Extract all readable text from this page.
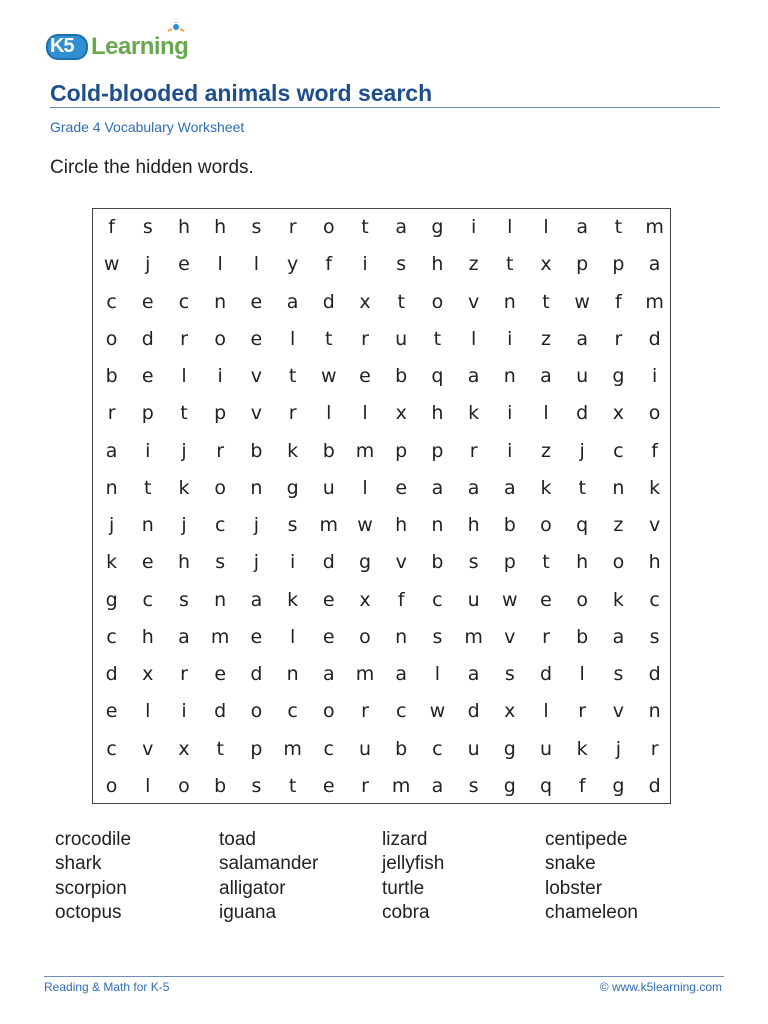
K5 Learning
Cold-blooded animals word search
Grade 4 Vocabulary Worksheet
Circle the hidden words.
f	s	h	h	s	r	o	t	a	g	i	l	l	a	t	m
w	j	e	l	l	y	f	i	s	h	z	t	x	p	p	a
c	e	c	n	e	a	d	x	t	o	v	n	t	w	f	m
o	d	r	o	e	l	t	r	u	t	l	i	z	a	r	d
b	e	l	i	v	t	w	e	b	q	a	n	a	u	g	i
r	p	t	p	v	r	l	l	x	h	k	i	l	d	x	o
a	i	j	r	b	k	b	m	p	p	r	i	z	j	c	f
n	t	k	o	n	g	u	l	e	a	a	a	k	t	n	k
j	n	j	c	j	s	m	w	h	n	h	b	o	q	z	v
k	e	h	s	j	i	d	g	v	b	s	p	t	h	o	h
g	c	s	n	a	k	e	x	f	c	u	w	e	o	k	c
c	h	a	m	e	l	e	o	n	s	m	v	r	b	a	s
d	x	r	e	d	n	a	m	a	l	a	s	d	l	s	d
e	l	i	d	o	c	o	r	c	w	d	x	l	r	v	n
c	v	x	t	p	m	c	u	b	c	u	g	u	k	j	r
o	l	o	b	s	t	e	r	m	a	s	g	q	f	g	d
crocodile
shark
scorpion
octopus
toad
salamander
alligator
iguana
lizard
jellyfish
turtle
cobra
centipede
snake
lobster
chameleon
Reading & Math for K-5	© www.k5learning.com
